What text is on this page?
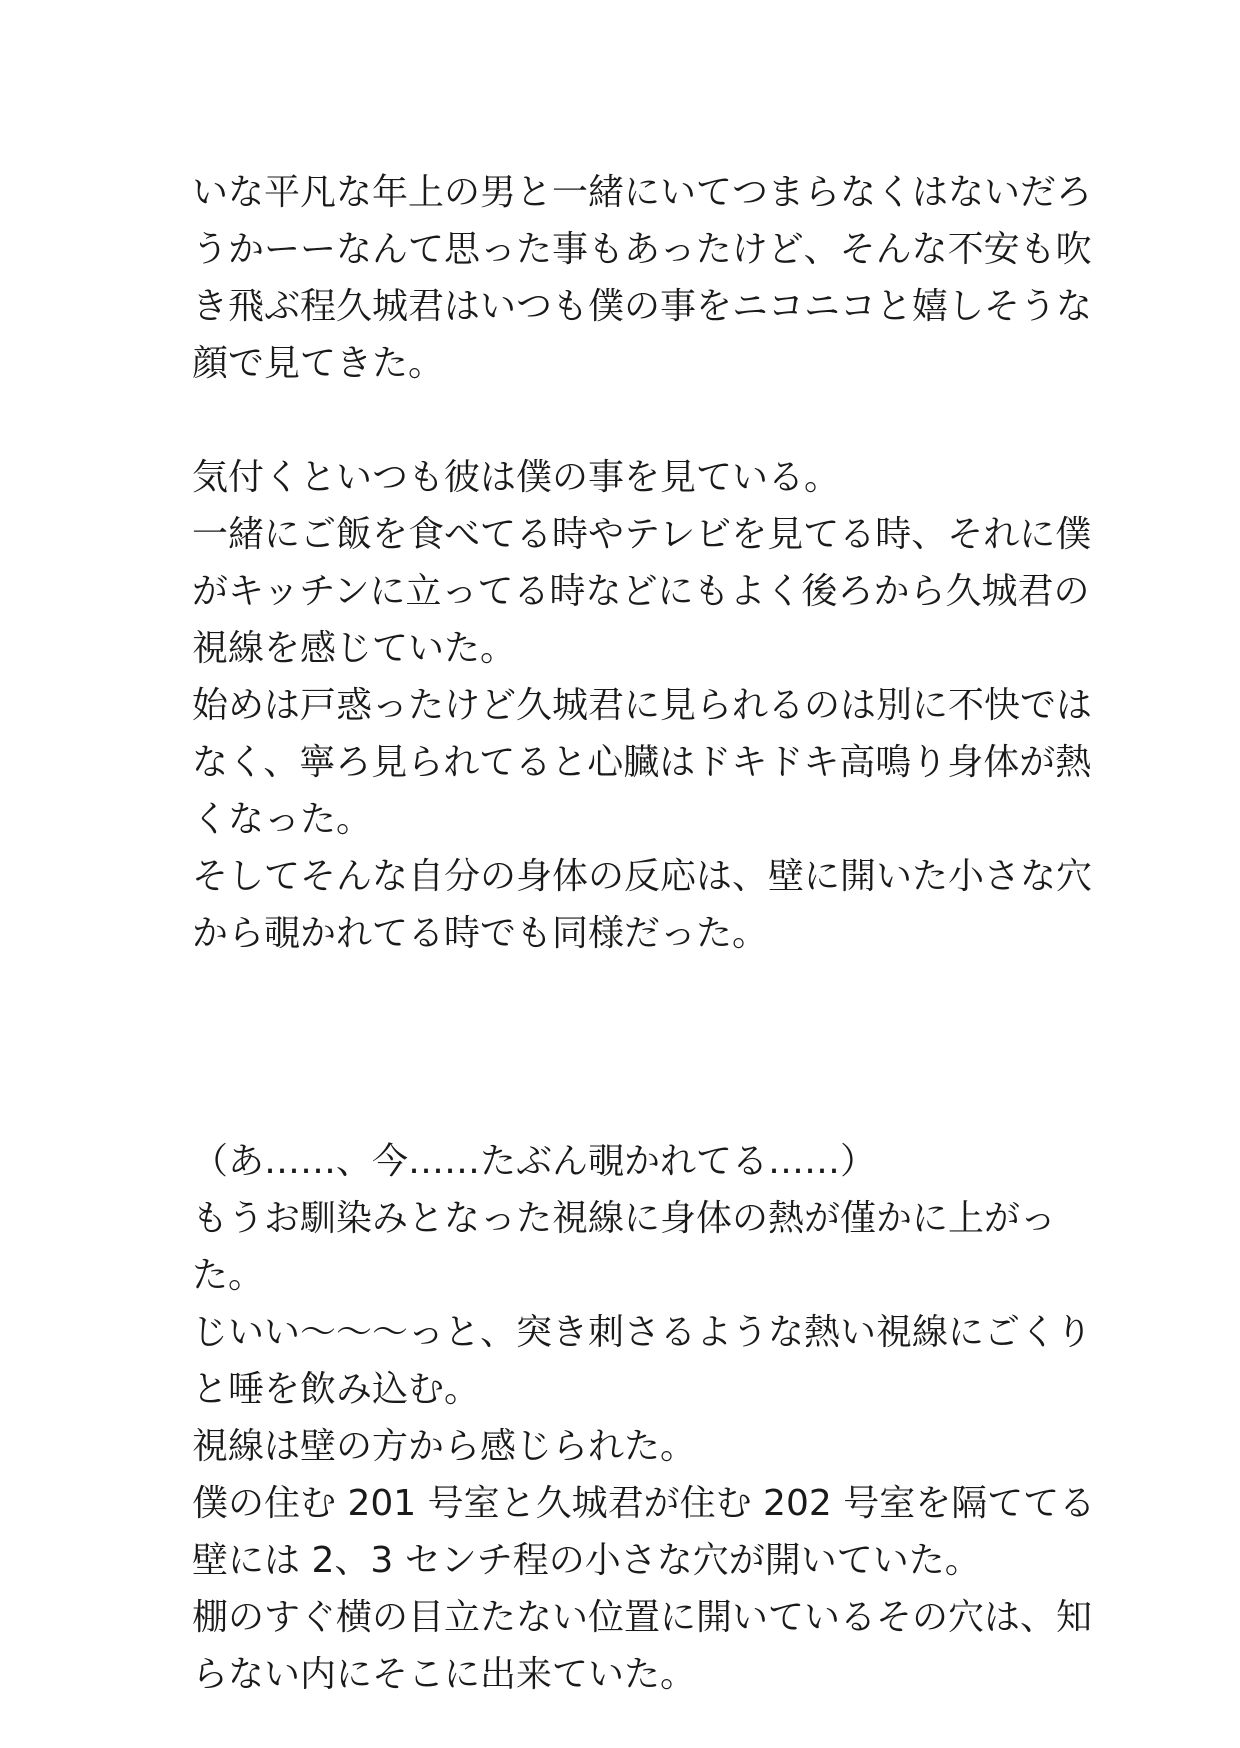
いな平凡な年上の男と一緒にいてつまらなくはないだろ
うかーーなんて思った事もあったけど、そんな不安も吹
き飛ぶ程久城君はいつも僕の事をニコニコと嬉しそうな
顔で見てきた。
気付くといつも彼は僕の事を見ている。
一緒にご飯を食べてる時やテレビを見てる時、それに僕
がキッチンに立ってる時などにもよく後ろから久城君の
視線を感じていた。
始めは戸惑ったけど久城君に見られるのは別に不快では
なく、寧ろ見られてると心臓はドキドキ高鳴り身体が熱
くなった。
そしてそんな自分の身体の反応は、壁に開いた小さな穴
から覗かれてる時でも同様だった。
（あ……、今……たぶん覗かれてる……）
もうお馴染みとなった視線に身体の熱が僅かに上がっ
た。
じいい〜〜〜っと、突き刺さるような熱い視線にごくり
と唾を飲み込む。
視線は壁の方から感じられた。
僕の住む 201 号室と久城君が住む 202 号室を隔ててる
壁には 2、3 センチ程の小さな穴が開いていた。
棚のすぐ横の目立たない位置に開いているその穴は、知
らない内にそこに出来ていた。
